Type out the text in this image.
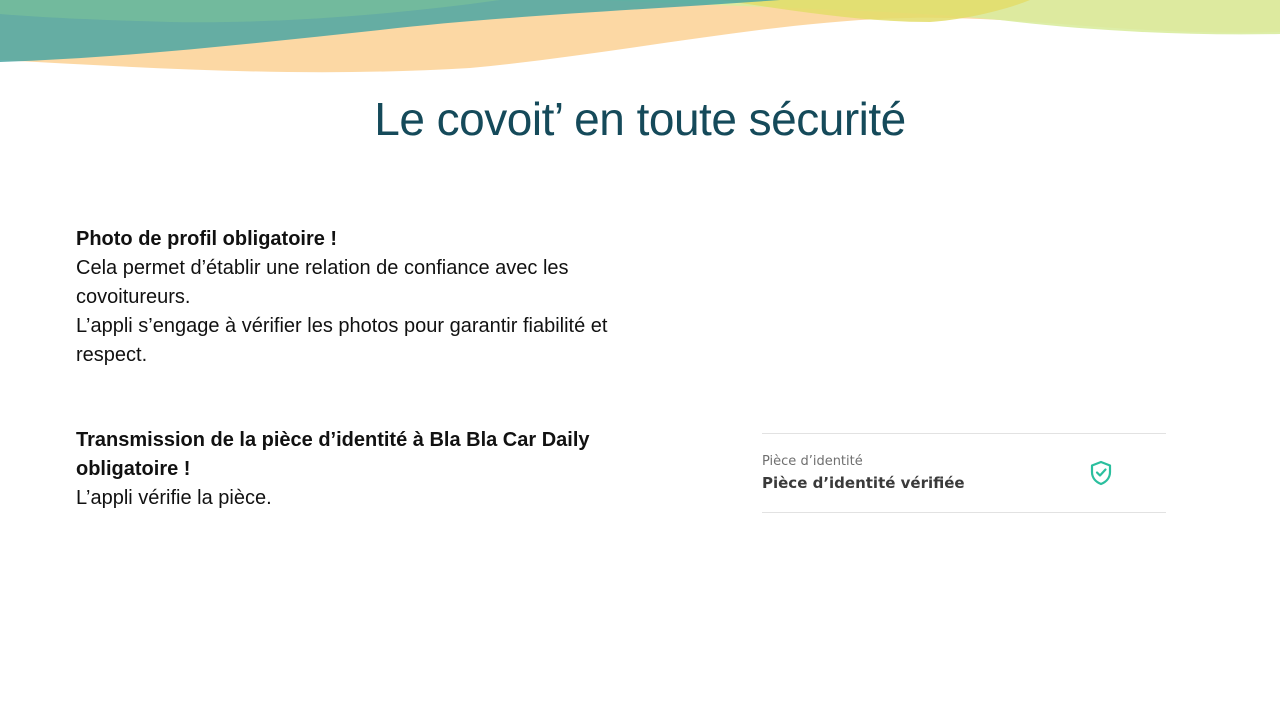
Le covoit’ en toute sécurité
Photo de profil obligatoire !
Cela permet d’établir une relation de confiance avec les
covoitureurs.
L’appli s’engage à vérifier les photos pour garantir fiabilité et
respect.
Transmission de la pièce d’identité à Bla Bla Car Daily
obligatoire !
L’appli vérifie la pièce.
Pièce d’identité
Pièce d’identité vérifiée
